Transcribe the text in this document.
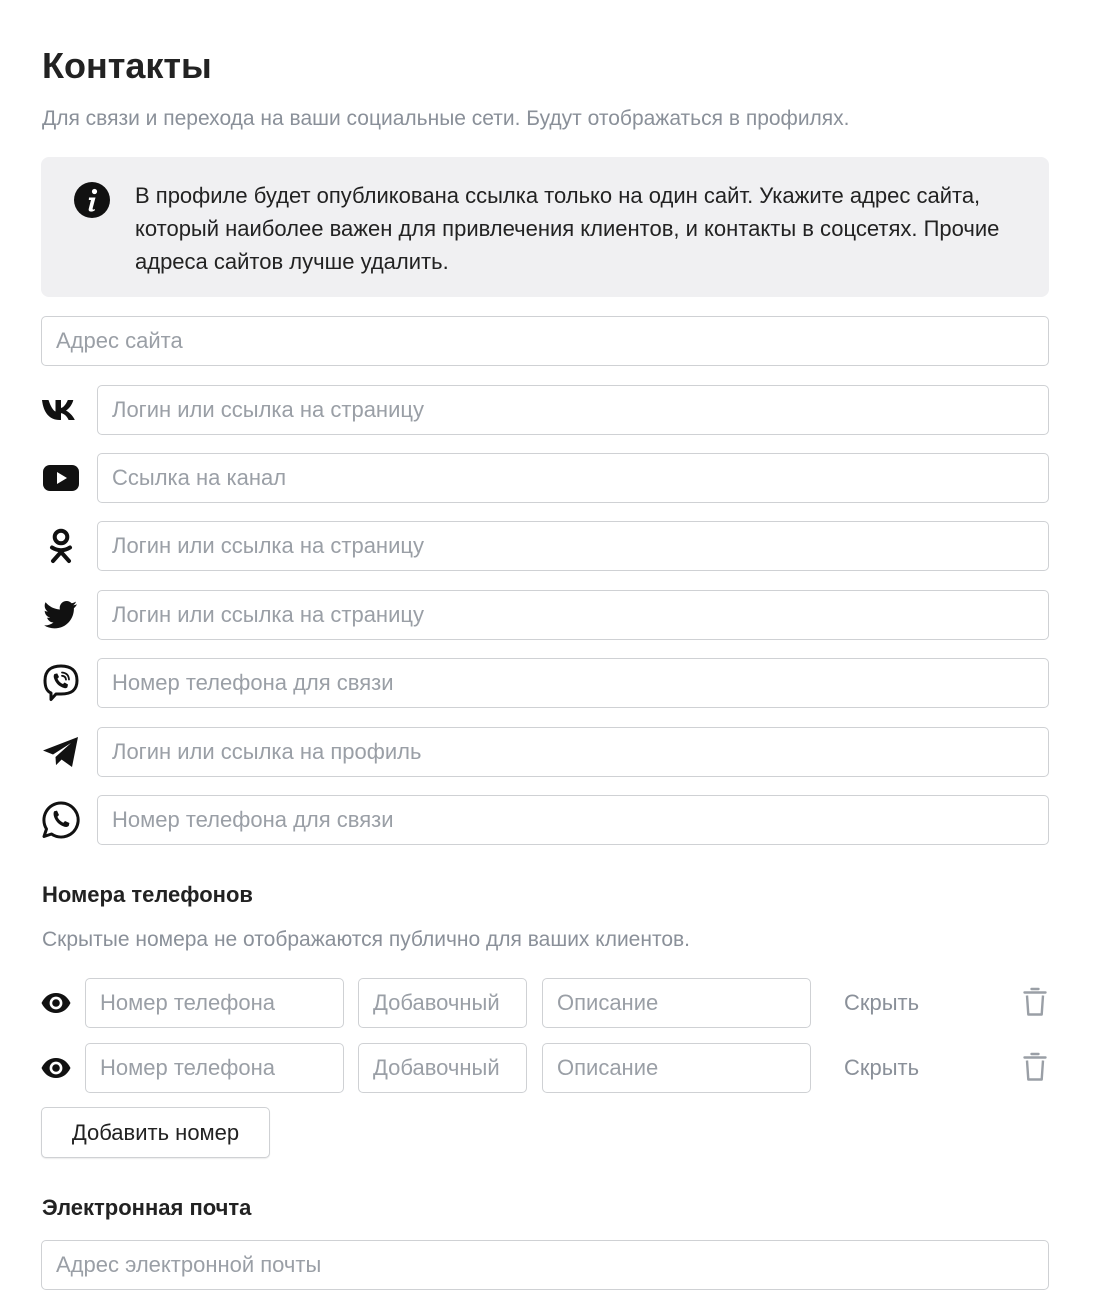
Контакты
Для связи и перехода на ваши социальные сети. Будут отображаться в профилях.
В профиле будет опубликована ссылка только на один сайт. Укажите адрес сайта, который наиболее важен для привлечения клиентов, и контакты в соцсетях. Прочие адреса сайтов лучше удалить.
Адрес сайта
Логин или ссылка на страницу
Ссылка на канал
Логин или ссылка на страницу
Логин или ссылка на страницу
Номер телефона для связи
Логин или ссылка на профиль
Номер телефона для связи
Номера телефонов
Скрытые номера не отображаются публично для ваших клиентов.
Номер телефона
Добавочный
Описание
Скрыть
Номер телефона
Добавочный
Описание
Скрыть
Добавить номер
Электронная почта
Адрес электронной почты
